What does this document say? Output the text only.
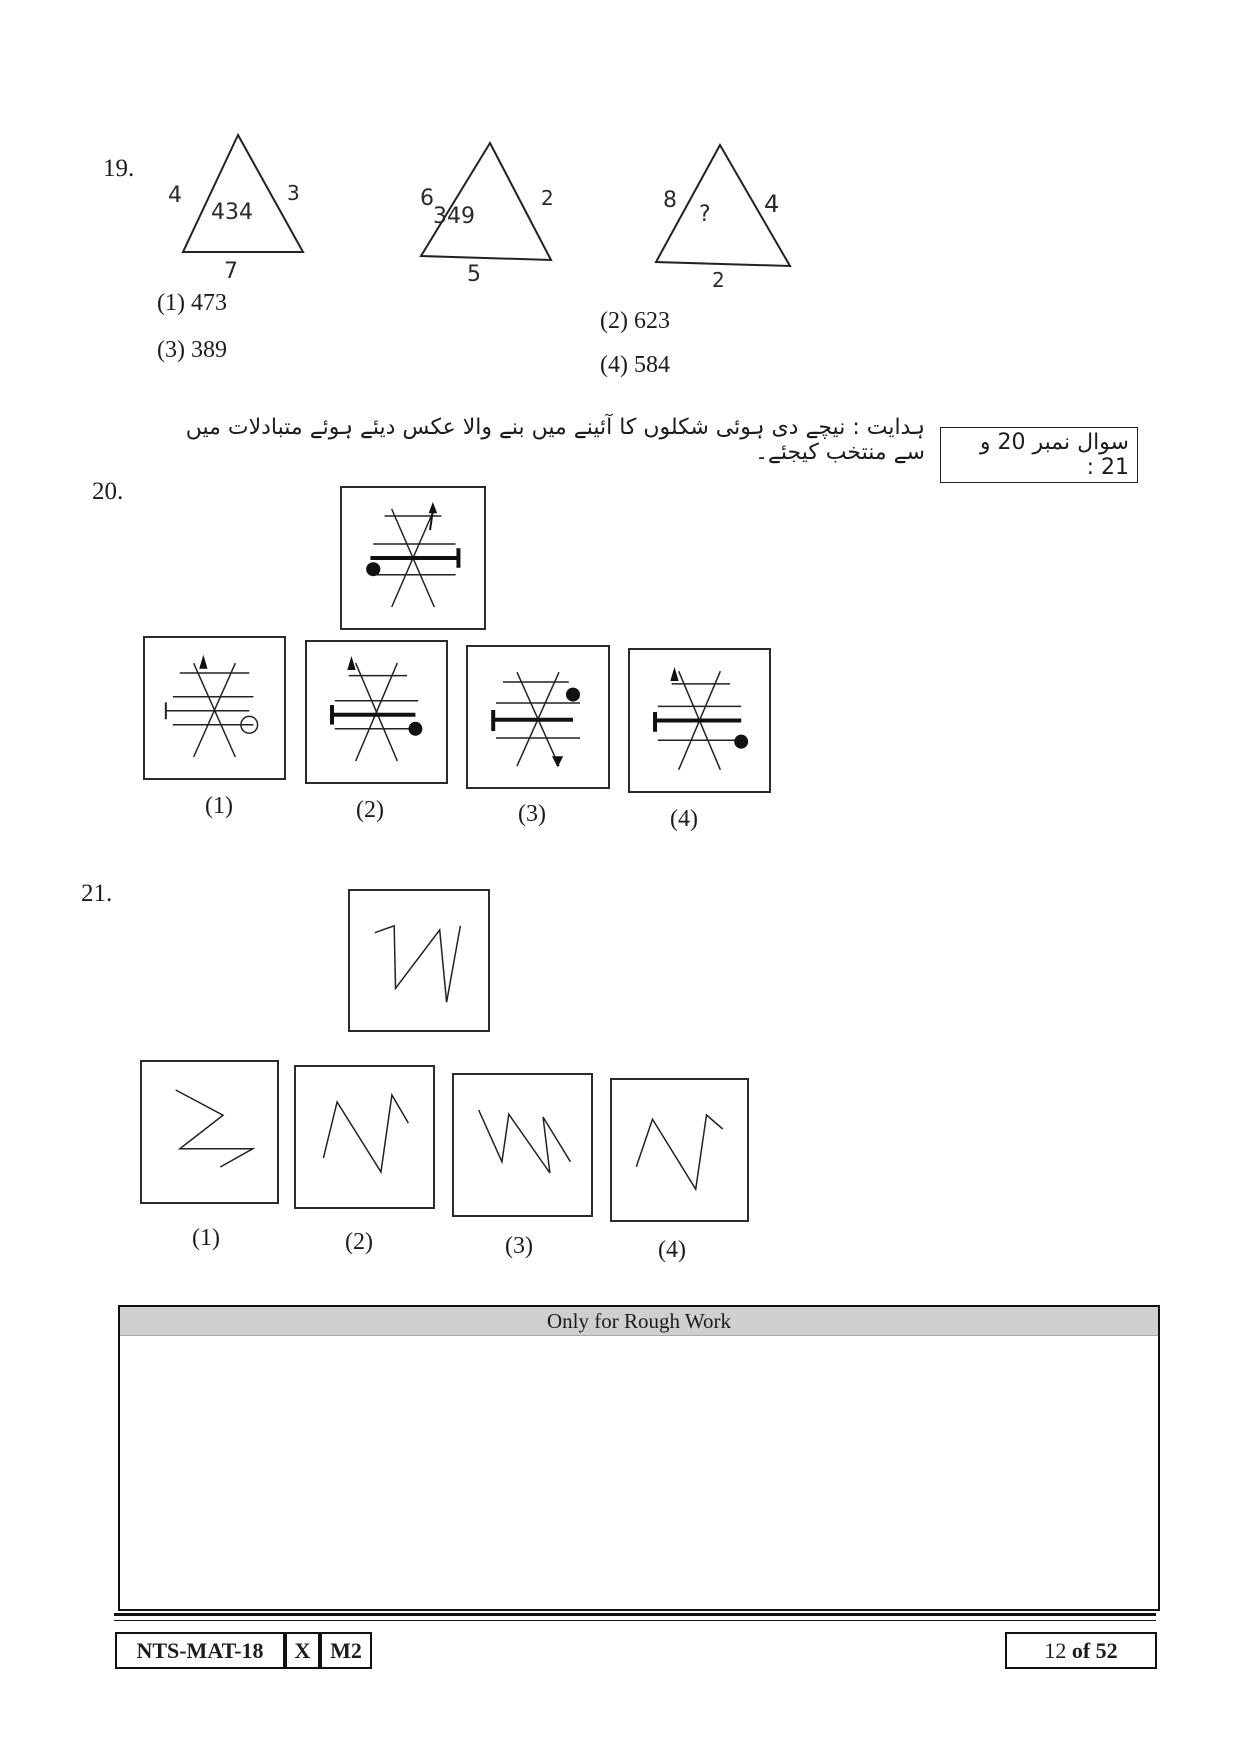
19.
4	3
434
7
6	2
349
5
8	4
?
2
(1) 473
(2) 623
(3) 389
(4) 584
سوال نمبر 20 و 21 :
ہدایت : نیچے دی ہوئی شکلوں کا آئینے میں بنے والا عکس دیئے ہوئے متبادلات میں سے منتخب کیجئے۔
20.
(1)	(2)	(3)	(4)
21.
(1)	(2)	(3)	(4)
Only for Rough Work
NTS-MAT-18	X M2	12 of 52
